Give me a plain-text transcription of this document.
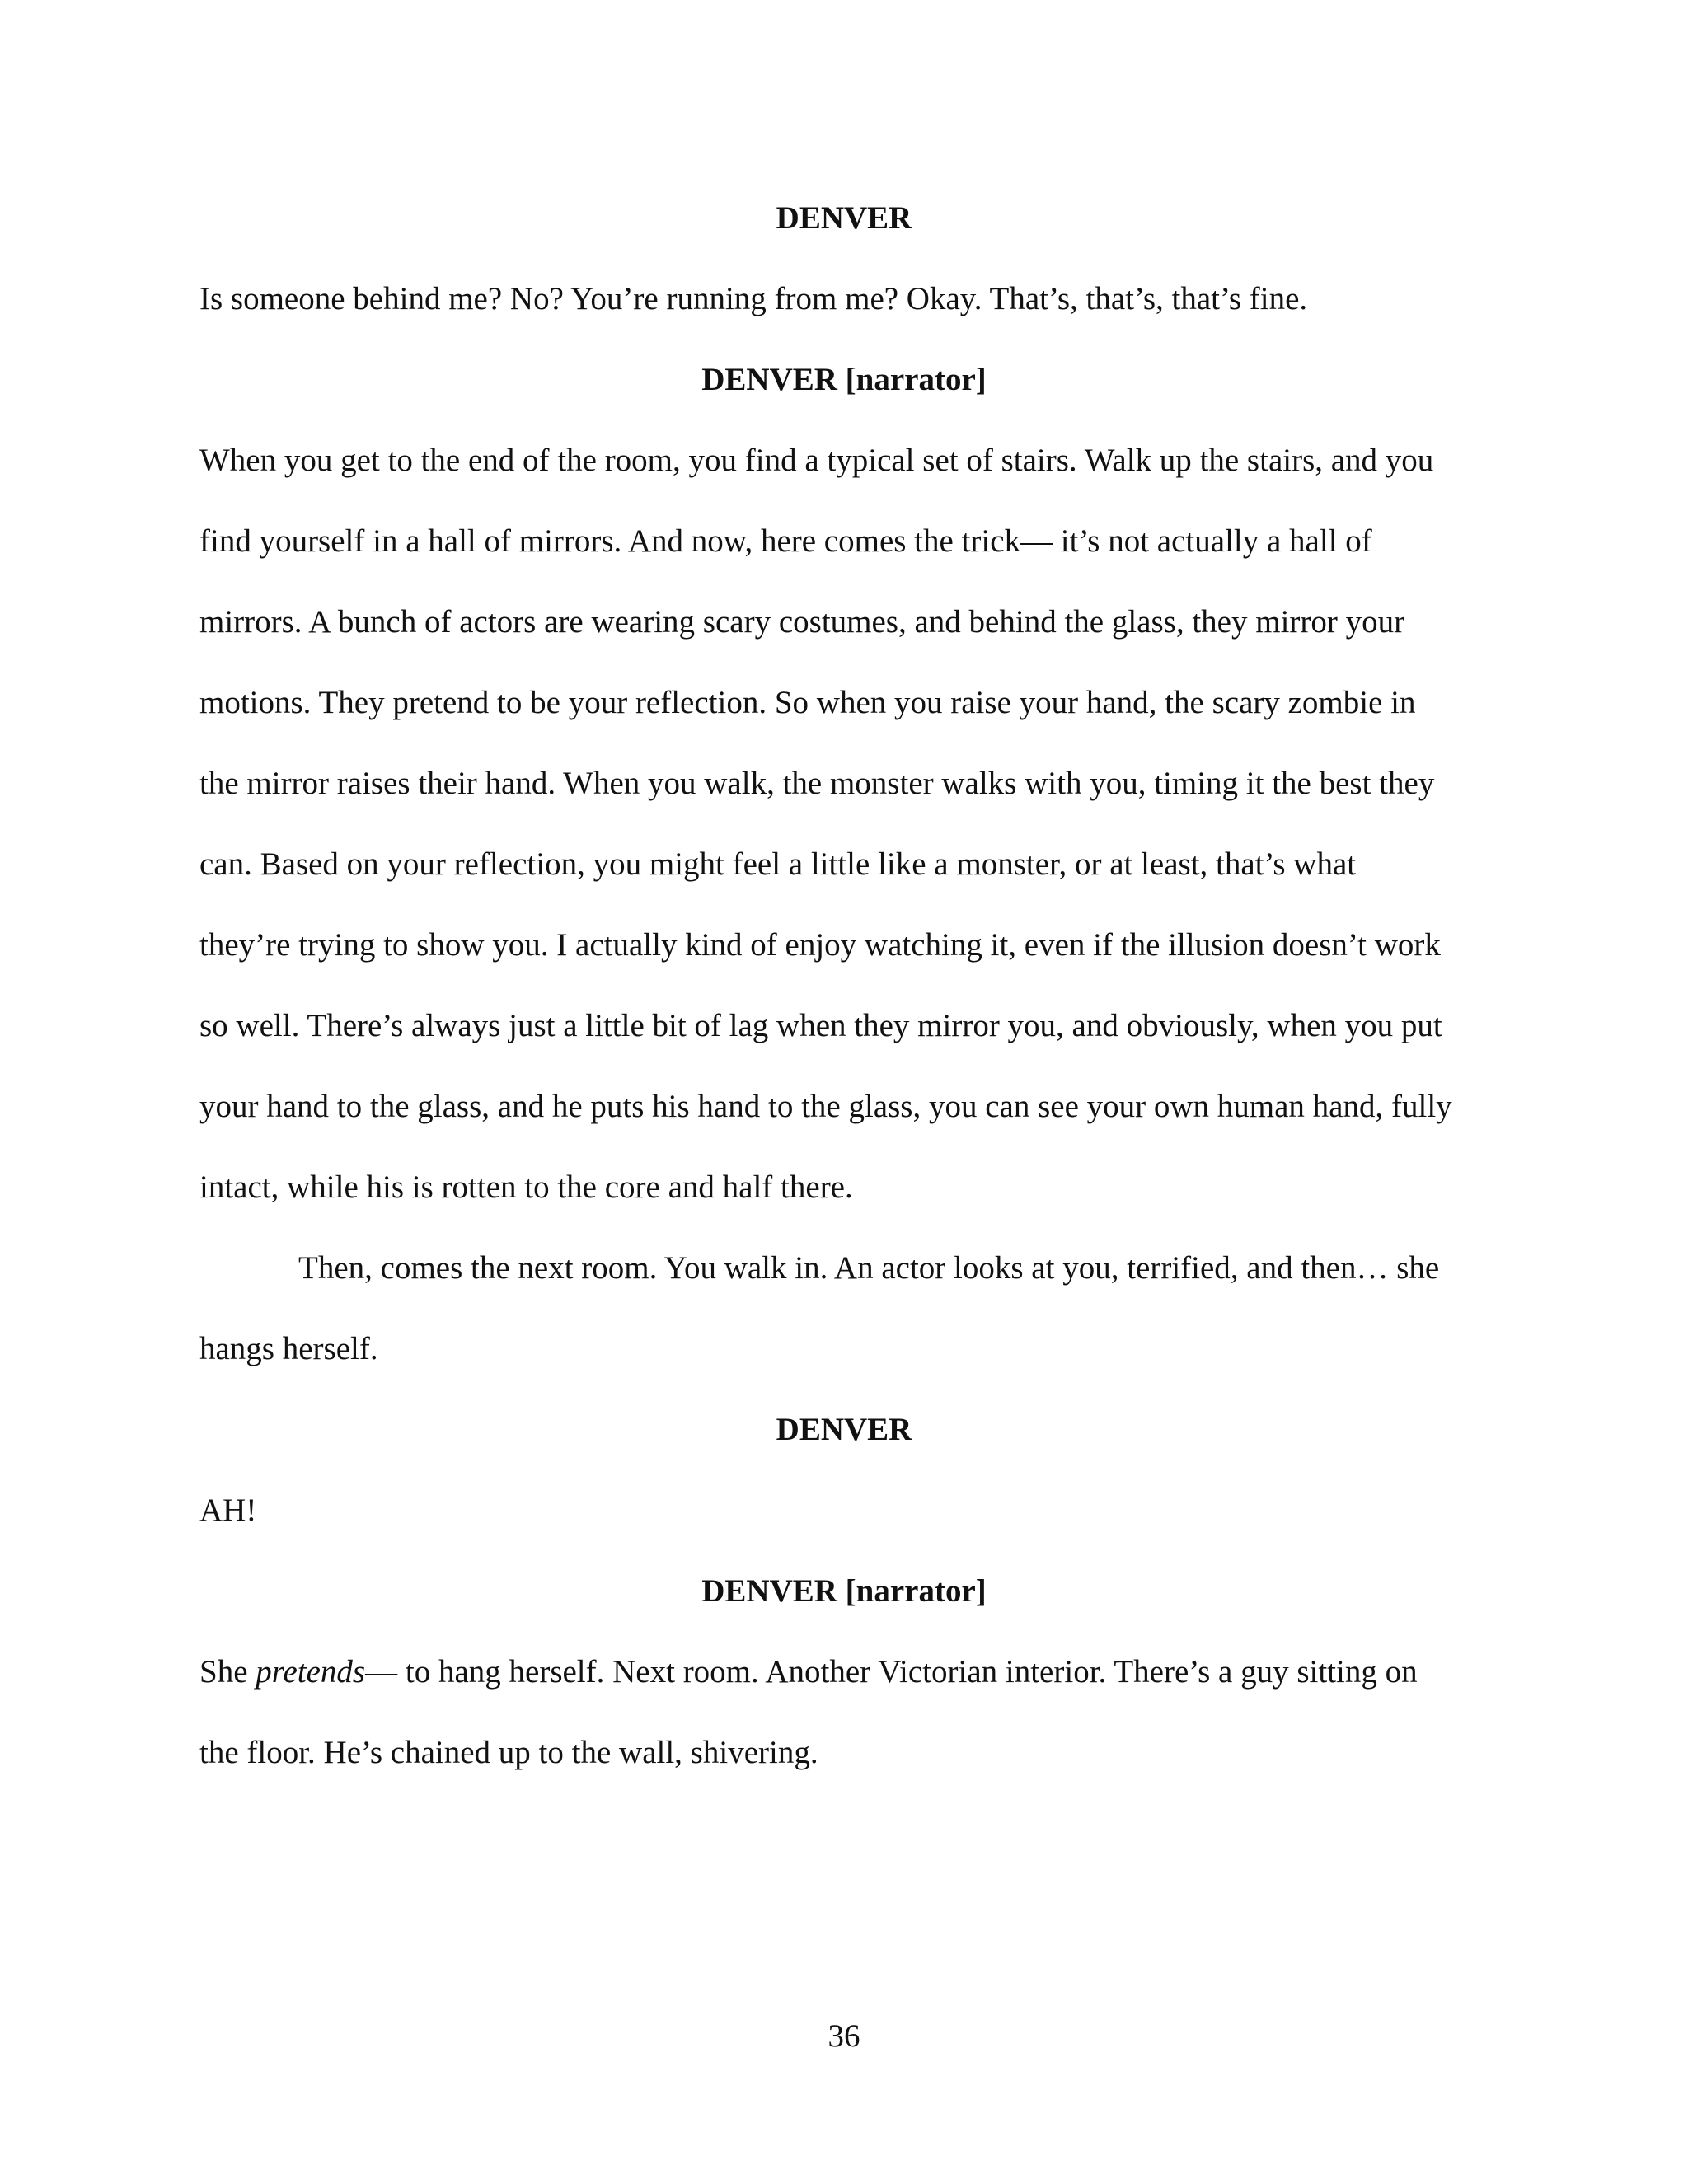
DENVER

Is someone behind me? No? You’re running from me? Okay. That’s, that’s, that’s fine.

DENVER [narrator]

When you get to the end of the room, you find a typical set of stairs. Walk up the stairs, and you

find yourself in a hall of mirrors. And now, here comes the trick— it’s not actually a hall of

mirrors. A bunch of actors are wearing scary costumes, and behind the glass, they mirror your

motions. They pretend to be your reflection. So when you raise your hand, the scary zombie in

the mirror raises their hand. When you walk, the monster walks with you, timing it the best they

can. Based on your reflection, you might feel a little like a monster, or at least, that’s what

they’re trying to show you. I actually kind of enjoy watching it, even if the illusion doesn’t work

so well. There’s always just a little bit of lag when they mirror you, and obviously, when you put

your hand to the glass, and he puts his hand to the glass, you can see your own human hand, fully

intact, while his is rotten to the core and half there.

Then, comes the next room. You walk in. An actor looks at you, terrified, and then… she

hangs herself.

DENVER

AH!

DENVER [narrator]

She pretends— to hang herself. Next room. Another Victorian interior. There’s a guy sitting on

the floor. He’s chained up to the wall, shivering.

36
